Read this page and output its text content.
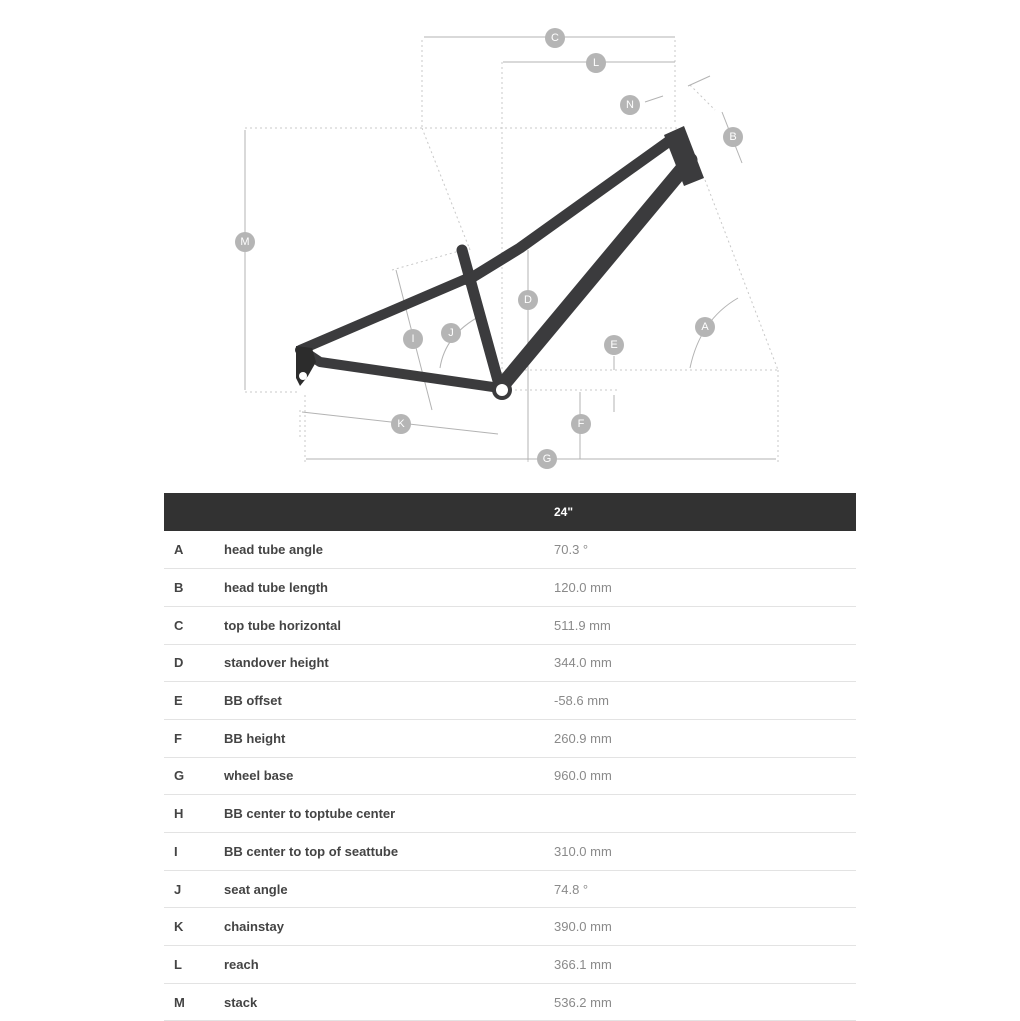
C
L
N
B
M
D
A
J
I	E
K	F
G
		24"
A	head tube angle	70.3 °
B	head tube length	120.0 mm
C	top tube horizontal	511.9 mm
D	standover height	344.0 mm
E	BB offset	-58.6 mm
F	BB height	260.9 mm
G	wheel base	960.0 mm
H	BB center to toptube center	
I	BB center to top of seattube	310.0 mm
J	seat angle	74.8 °
K	chainstay	390.0 mm
L	reach	366.1 mm
M	stack	536.2 mm
